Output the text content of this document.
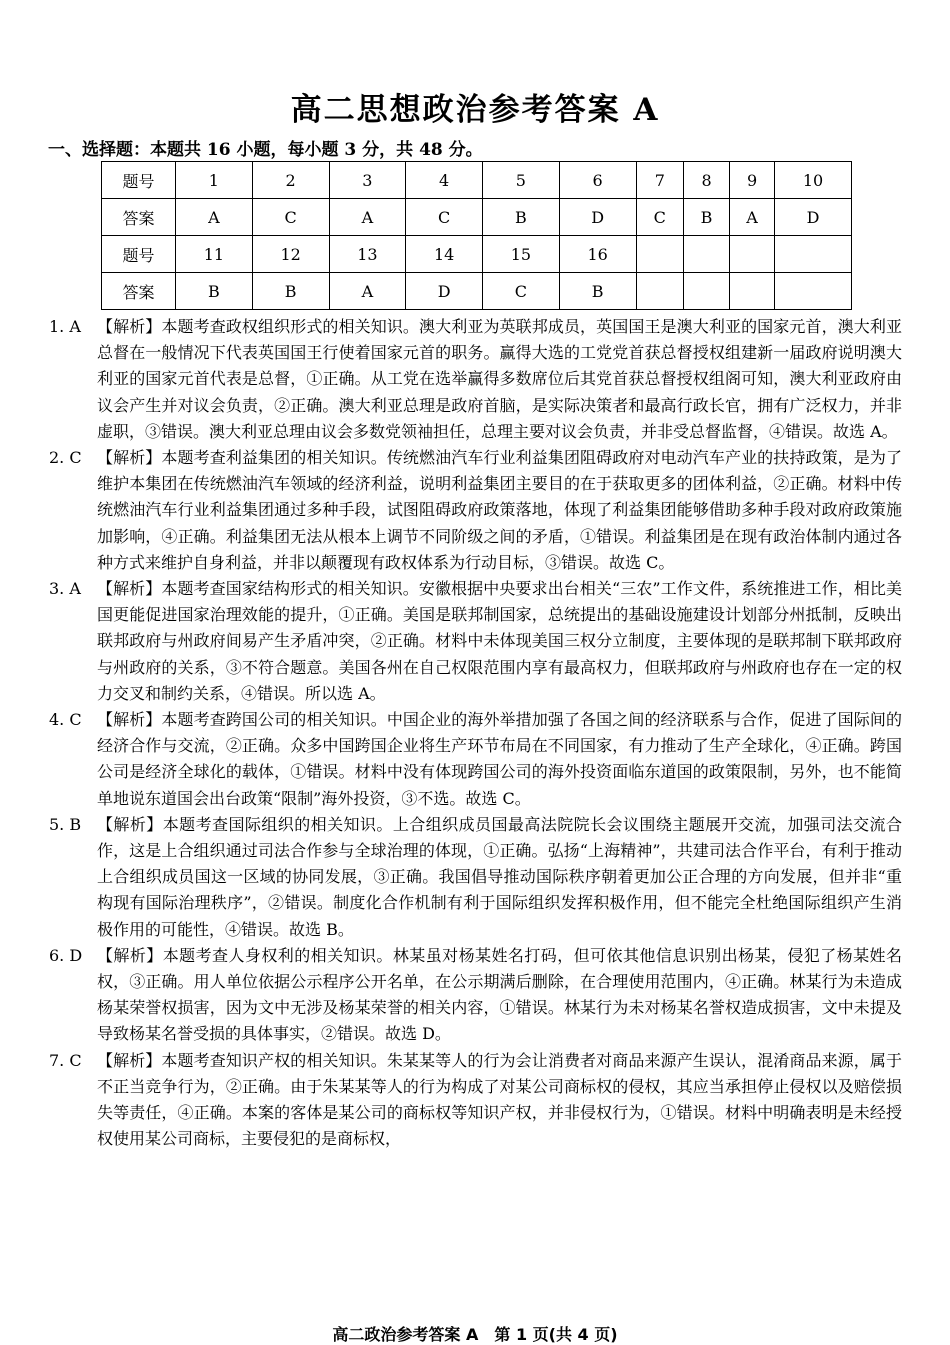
高二思想政治参考答案 A
一、选择题：本题共 16 小题，每小题 3 分，共 48 分。
题号	1	2	3	4	5	6	7	8	9	10
答案	A	C	A	C	B	D	C	B	A	D
题号	11	12	13	14	15	16				
答案	B	B	A	D	C	B				
1. A 【解析】本题考查政权组织形式的相关知识。澳大利亚为英联邦成员，英国国王是澳大利亚的国家元首，澳大利亚总督在一般情况下代表英国国王行使着国家元首的职务。赢得大选的工党党首获总督授权组建新一届政府说明澳大利亚的国家元首代表是总督，①正确。从工党在选举赢得多数席位后其党首获总督授权组阁可知，澳大利亚政府由议会产生并对议会负责，②正确。澳大利亚总理是政府首脑，是实际决策者和最高行政长官，拥有广泛权力，并非虚职，③错误。澳大利亚总理由议会多数党领袖担任，总理主要对议会负责，并非受总督监督，④错误。故选 A。
2. C 【解析】本题考查利益集团的相关知识。传统燃油汽车行业利益集团阻碍政府对电动汽车产业的扶持政策，是为了维护本集团在传统燃油汽车领域的经济利益，说明利益集团主要目的在于获取更多的团体利益，②正确。材料中传统燃油汽车行业利益集团通过多种手段，试图阻碍政府政策落地，体现了利益集团能够借助多种手段对政府政策施加影响，④正确。利益集团无法从根本上调节不同阶级之间的矛盾，①错误。利益集团是在现有政治体制内通过各种方式来维护自身利益，并非以颠覆现有政权体系为行动目标，③错误。故选 C。
3. A 【解析】本题考查国家结构形式的相关知识。安徽根据中央要求出台相关“三农”工作文件，系统推进工作，相比美国更能促进国家治理效能的提升，①正确。美国是联邦制国家，总统提出的基础设施建设计划部分州抵制，反映出联邦政府与州政府间易产生矛盾冲突，②正确。材料中未体现美国三权分立制度，主要体现的是联邦制下联邦政府与州政府的关系，③不符合题意。美国各州在自己权限范围内享有最高权力，但联邦政府与州政府也存在一定的权力交叉和制约关系，④错误。所以选 A。
4. C 【解析】本题考查跨国公司的相关知识。中国企业的海外举措加强了各国之间的经济联系与合作，促进了国际间的经济合作与交流，②正确。众多中国跨国企业将生产环节布局在不同国家，有力推动了生产全球化，④正确。跨国公司是经济全球化的载体，①错误。材料中没有体现跨国公司的海外投资面临东道国的政策限制，另外，也不能简单地说东道国会出台政策“限制”海外投资，③不选。故选 C。
5. B 【解析】本题考查国际组织的相关知识。上合组织成员国最高法院院长会议围绕主题展开交流，加强司法交流合作，这是上合组织通过司法合作参与全球治理的体现，①正确。弘扬“上海精神”，共建司法合作平台，有利于推动上合组织成员国这一区域的协同发展，③正确。我国倡导推动国际秩序朝着更加公正合理的方向发展，但并非“重构现有国际治理秩序”，②错误。制度化合作机制有利于国际组织发挥积极作用，但不能完全杜绝国际组织产生消极作用的可能性，④错误。故选 B。
6. D 【解析】本题考查人身权利的相关知识。林某虽对杨某姓名打码，但可依其他信息识别出杨某，侵犯了杨某姓名权，③正确。用人单位依据公示程序公开名单，在公示期满后删除，在合理使用范围内，④正确。林某行为未造成杨某荣誉权损害，因为文中无涉及杨某荣誉的相关内容，①错误。林某行为未对杨某名誉权造成损害，文中未提及导致杨某名誉受损的具体事实，②错误。故选 D。
7. C 【解析】本题考查知识产权的相关知识。朱某某等人的行为会让消费者对商品来源产生误认，混淆商品来源，属于不正当竞争行为，②正确。由于朱某某等人的行为构成了对某公司商标权的侵权，其应当承担停止侵权以及赔偿损失等责任，④正确。本案的客体是某公司的商标权等知识产权，并非侵权行为，①错误。材料中明确表明是未经授权使用某公司商标，主要侵犯的是商标权，
高二政治参考答案 A　第 1 页(共 4 页)
